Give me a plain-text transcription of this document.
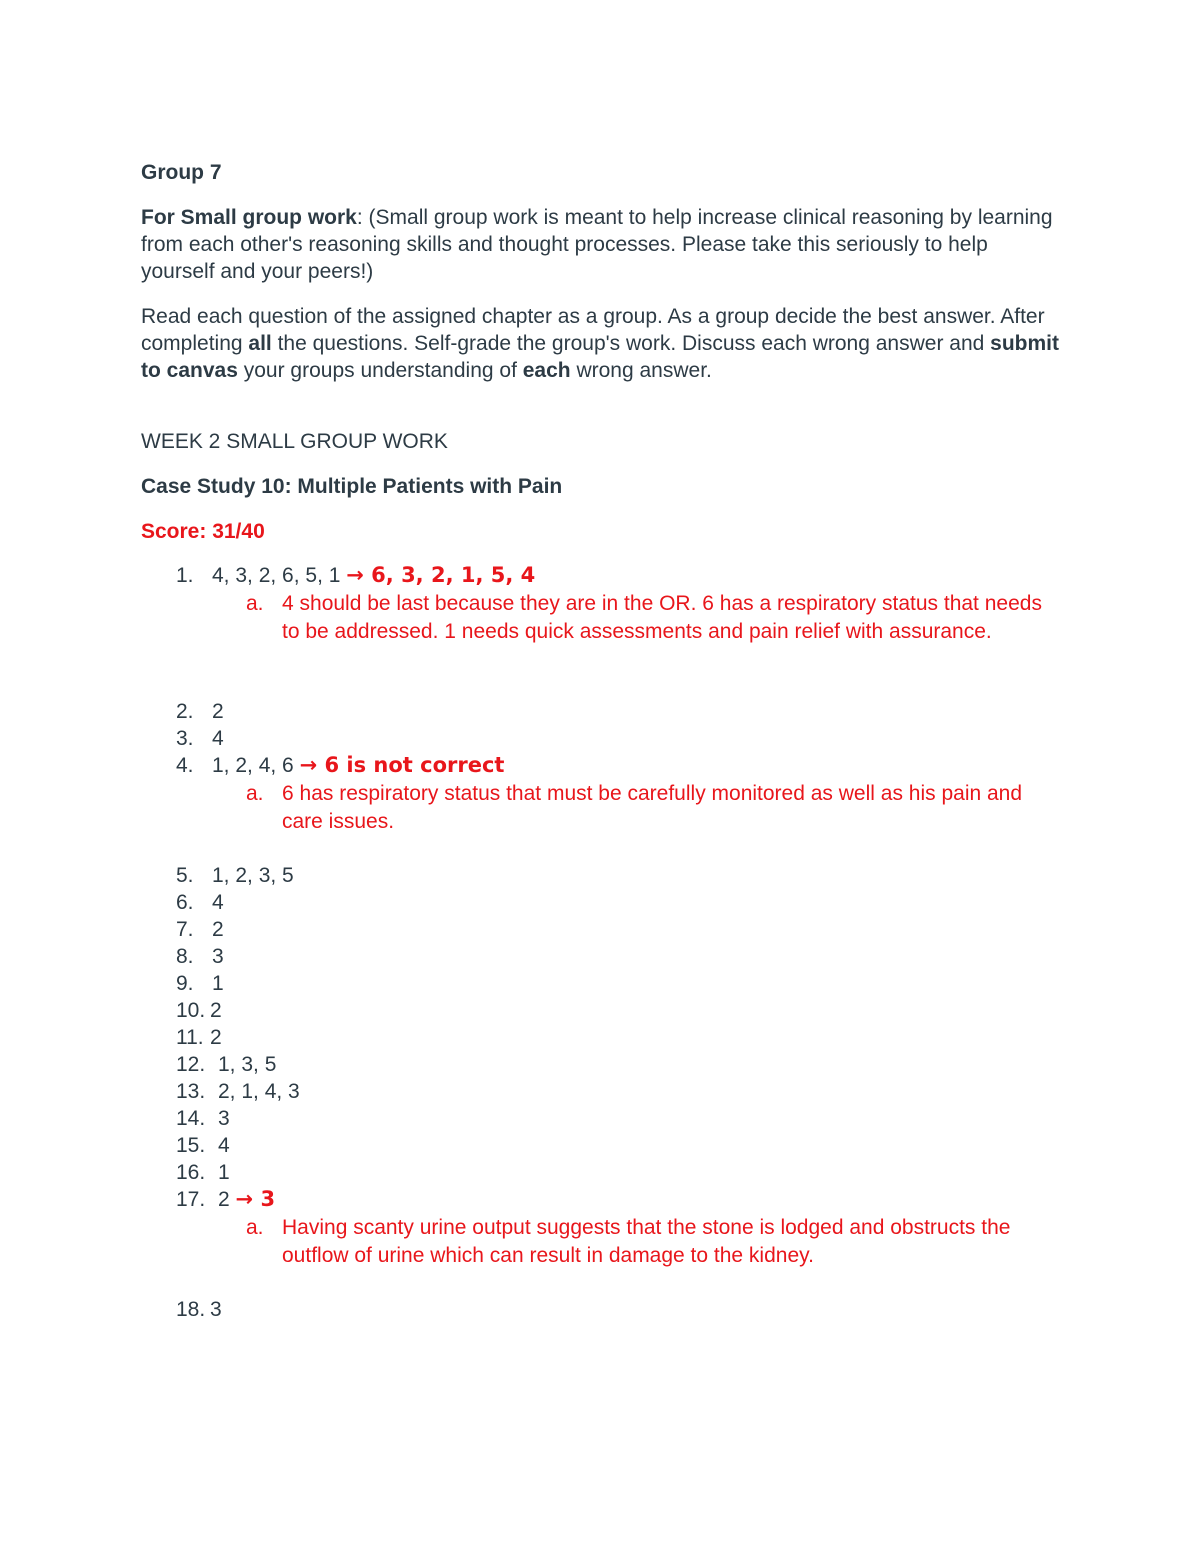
Group 7
For Small group work: (Small group work is meant to help increase clinical reasoning by learning from each other's reasoning skills and thought processes. Please take this seriously to help yourself and your peers!)
Read each question of the assigned chapter as a group. As a group decide the best answer. After completing all the questions. Self-grade the group's work. Discuss each wrong answer and submit to canvas your groups understanding of each wrong answer.
WEEK 2 SMALL GROUP WORK
Case Study 10: Multiple Patients with Pain
Score: 31/40
1. 4, 3, 2, 6, 5, 1 → 6, 3, 2, 1, 5, 4
a. 4 should be last because they are in the OR. 6 has a respiratory status that needs to be addressed. 1 needs quick assessments and pain relief with assurance.
2. 2
3. 4
4. 1, 2, 4, 6 → 6 is not correct
a. 6 has respiratory status that must be carefully monitored as well as his pain and care issues.
5. 1, 2, 3, 5
6. 4
7. 2
8. 3
9. 1
10. 2
11. 2
12. 1, 3, 5
13. 2, 1, 4, 3
14. 3
15. 4
16. 1
17. 2 → 3
a. Having scanty urine output suggests that the stone is lodged and obstructs the outflow of urine which can result in damage to the kidney.
18. 3
